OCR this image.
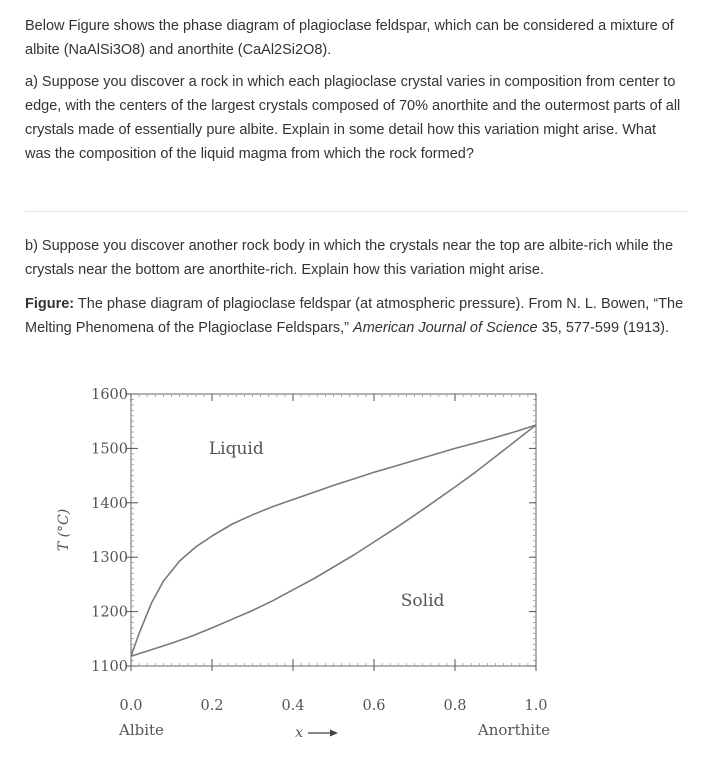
Below Figure shows the phase diagram of plagioclase feldspar, which can be considered a mixture of albite (NaAlSi3O8) and anorthite (CaAl2Si2O8).

a) Suppose you discover a rock in which each plagioclase crystal varies in composition from center to edge, with the centers of the largest crystals composed of 70% anorthite and the outermost parts of all crystals made of essentially pure albite. Explain in some detail how this variation might arise. What was the composition of the liquid magma from which the rock formed?

b) Suppose you discover another rock body in which the crystals near the top are albite-rich while the crystals near the bottom are anorthite-rich. Explain how this variation might arise.

Figure: The phase diagram of plagioclase feldspar (at atmospheric pressure). From N. L. Bowen, “The Melting Phenomena of the Plagioclase Feldspars,” American Journal of Science 35, 577-599 (1913).

0.0	0.2	0.4	0.6	0.8	1.0
1100
1200
1300
1400
1500
1600
Liquid
Solid
Albite	Anorthite
T (°C)
x
